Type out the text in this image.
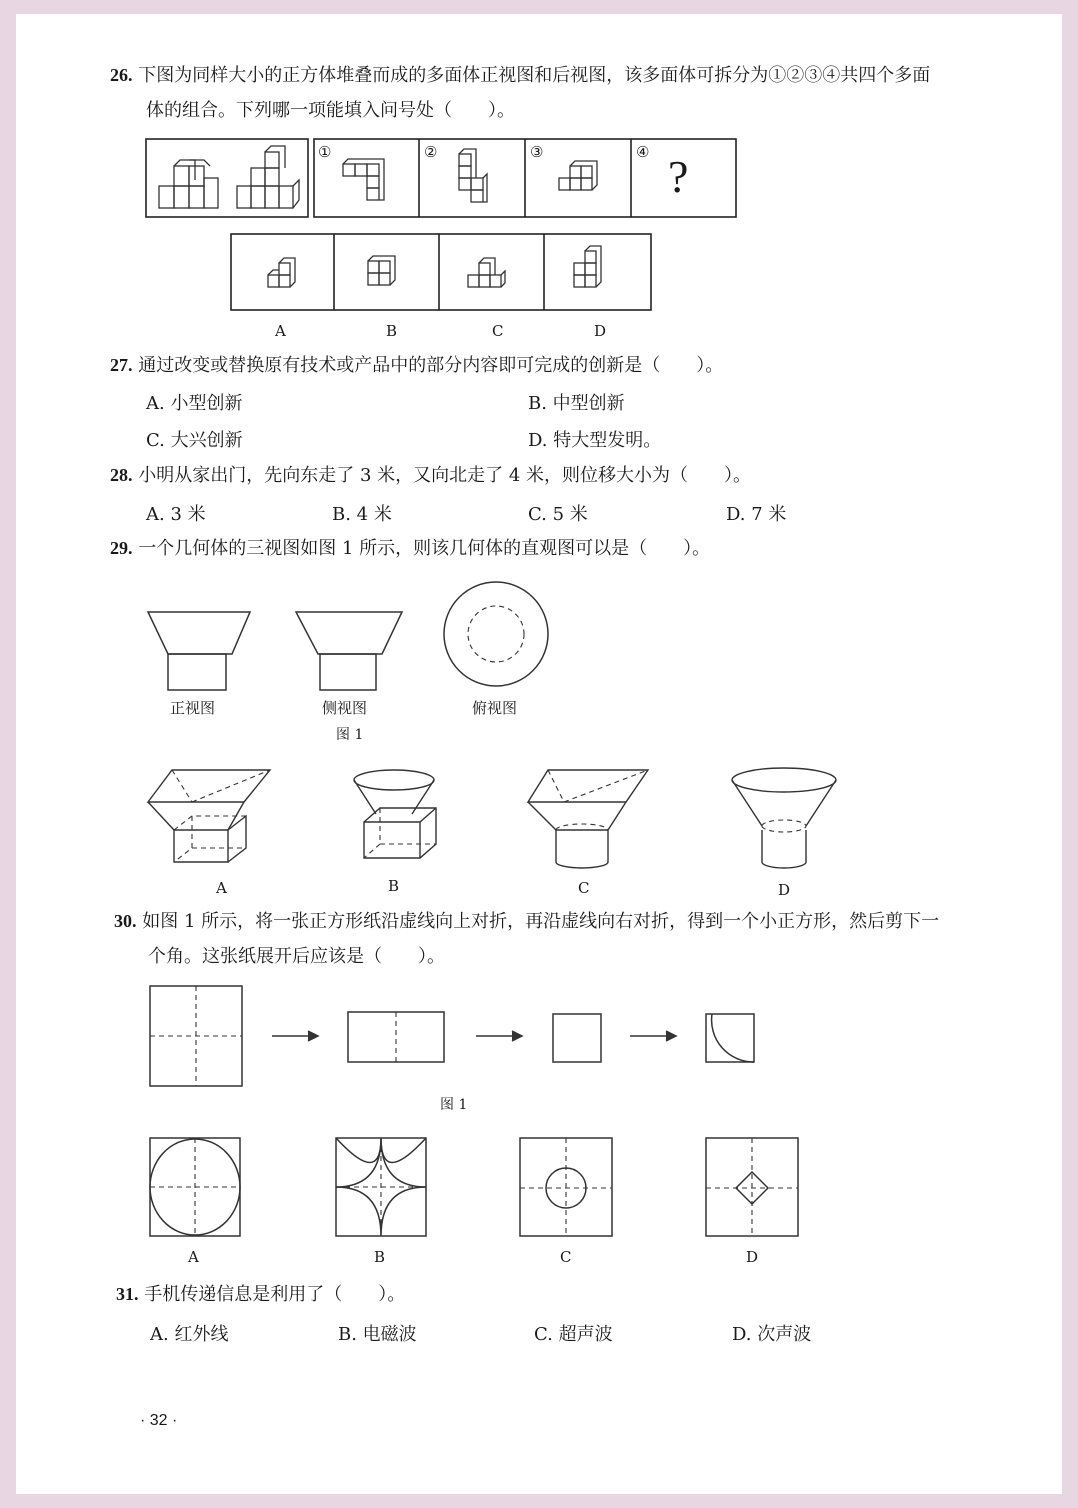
26. 下图为同样大小的正方体堆叠而成的多面体正视图和后视图，该多面体可拆分为①②③④共四个多面
体的组合。下列哪一项能填入问号处（　　）。
①	②	③	④ ?
A	B	C	D
27. 通过改变或替换原有技术或产品中的部分内容即可完成的创新是（　　）。
A. 小型创新	B. 中型创新
C. 大兴创新	D. 特大型发明。
28. 小明从家出门，先向东走了 3 米，又向北走了 4 米，则位移大小为（　　）。
A. 3 米	B. 4 米	C. 5 米	D. 7 米
29. 一个几何体的三视图如图 1 所示，则该几何体的直观图可以是（　　）。
正视图	侧视图	俯视图
图 1
A	B	C	D
30. 如图 1 所示，将一张正方形纸沿虚线向上对折，再沿虚线向右对折，得到一个小正方形，然后剪下一
个角。这张纸展开后应该是（　　）。
图 1
A	B	C	D
31. 手机传递信息是利用了（　　）。
A. 红外线	B. 电磁波	C. 超声波	D. 次声波
· 32 ·
